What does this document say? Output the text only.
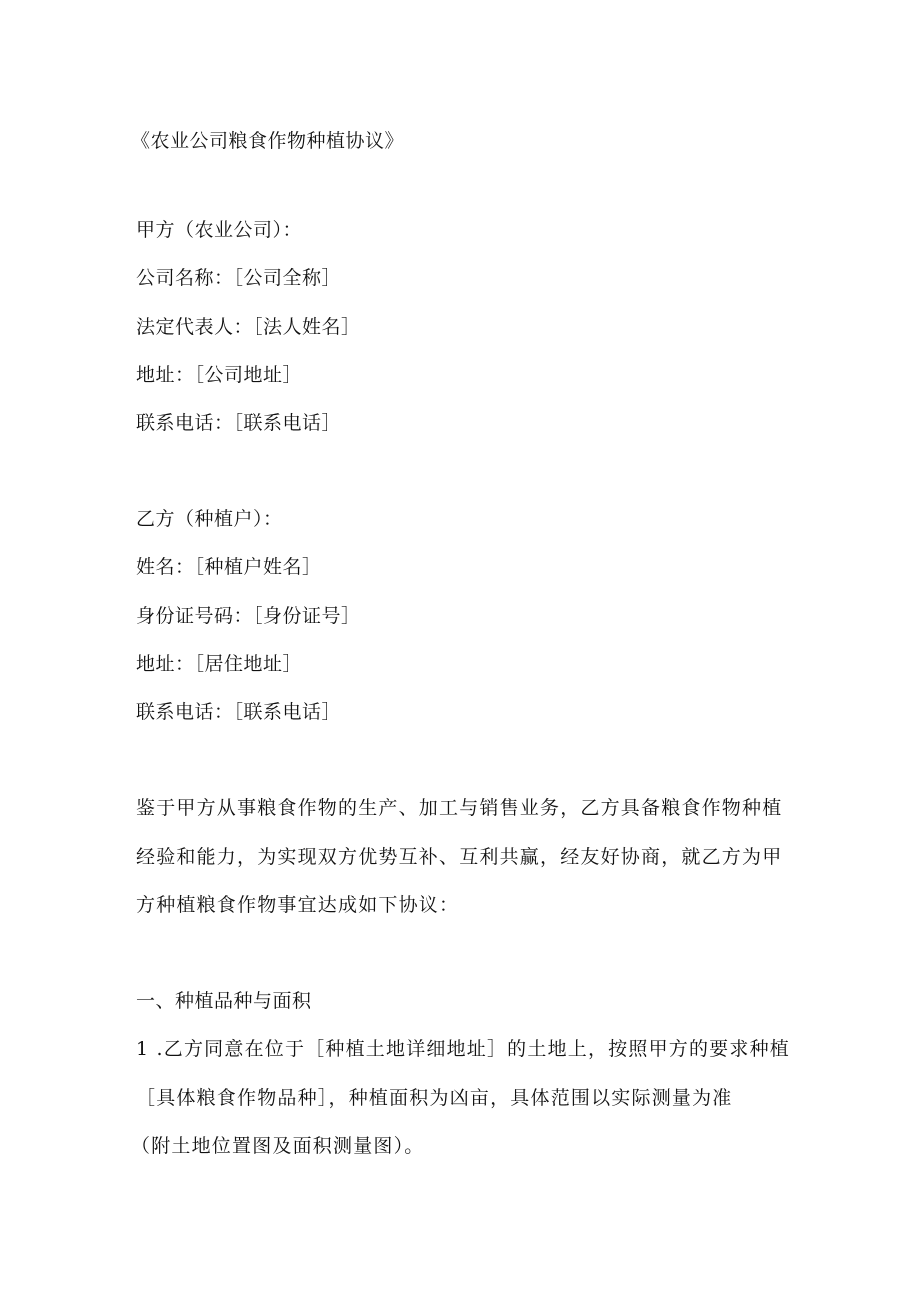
《农业公司粮食作物种植协议》
甲方（农业公司）：
公司名称：［公司全称］
法定代表人：［法人姓名］
地址：［公司地址］
联系电话：［联系电话］
乙方（种植户）：
姓名：［种植户姓名］
身份证号码：［身份证号］
地址：［居住地址］
联系电话：［联系电话］
鉴于甲方从事粮食作物的生产、加工与销售业务，乙方具备粮食作物种植
经验和能力，为实现双方优势互补、互利共赢，经友好协商，就乙方为甲
方种植粮食作物事宜达成如下协议：
一、种植品种与面积
1 .乙方同意在位于［种植土地详细地址］的土地上，按照甲方的要求种植
［具体粮食作物品种］，种植面积为凶亩，具体范围以实际测量为准
（附土地位置图及面积测量图）。
